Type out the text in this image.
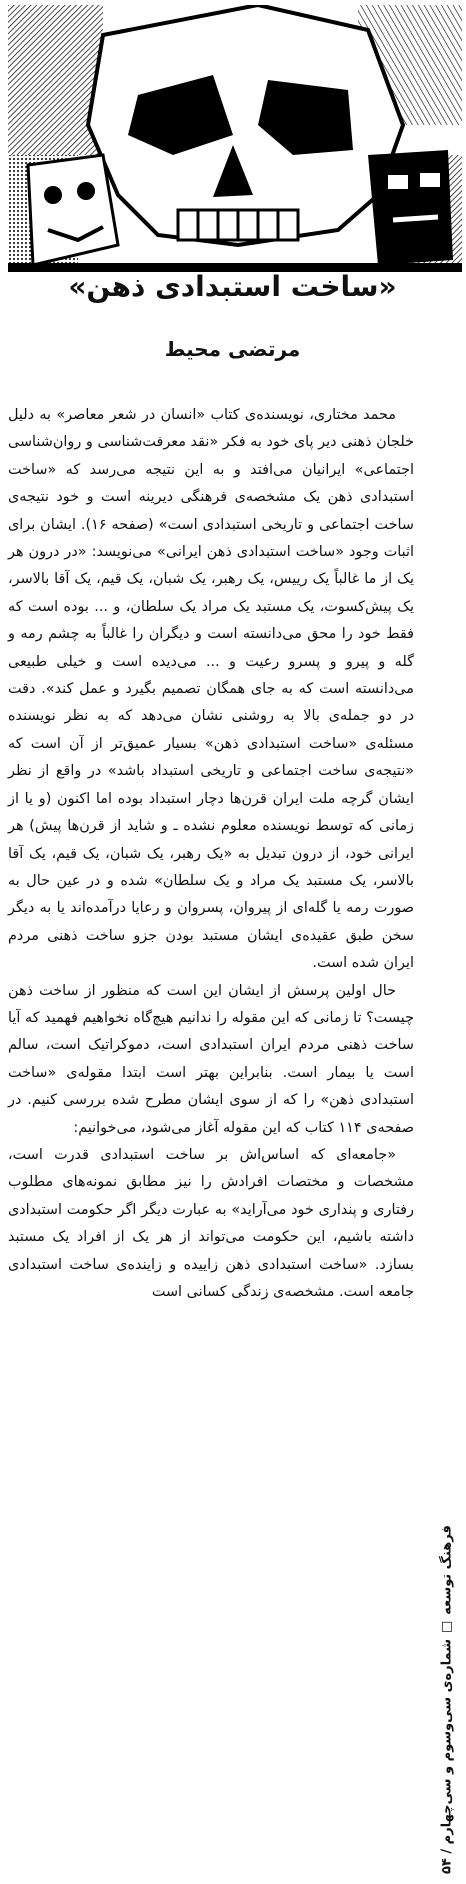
«ساخت استبدادی ذهن»
مرتضی محیط

محمد مختاری، نویسنده‌ی کتاب «انسان در شعر معاصر» به دلیل خلجان ذهنی دیر پای خود به فکر «نقد معرفت‌شناسی و روان‌شناسی اجتماعی» ایرانیان می‌افتد و به این نتیجه می‌رسد که «ساخت استبدادی ذهن یک مشخصه‌ی فرهنگی دیرینه است و خود نتیجه‌ی ساخت اجتماعی و تاریخی استبدادی است» (صفحه ۱۶). ایشان برای اثبات وجود «ساخت استبدادی ذهن ایرانی» می‌نویسد: «در درون هر یک از ما غالباً یک رییس، یک رهبر، یک شبان، یک قیم، یک آقا بالاسر، یک پیش‌کسوت، یک مستبد یک مراد یک سلطان، و ... بوده است که فقط خود را محق می‌دانسته است و دیگران را غالباً به چشم رمه و گله و پیرو و پسرو رعیت و ... می‌دیده است و خیلی طبیعی می‌دانسته است که به جای همگان تصمیم بگیرد و عمل کند». دقت در دو جمله‌ی بالا به روشنی نشان می‌دهد که به نظر نویسنده مسئله‌ی «ساخت استبدادی ذهن» بسیار عمیق‌تر از آن است که «نتیجه‌ی ساخت اجتماعی و تاریخی استبداد باشد» در واقع از نظر ایشان گرچه ملت ایران قرن‌ها دچار استبداد بوده اما اکنون (و یا از زمانی که توسط نویسنده معلوم نشده ـ و شاید از قرن‌ها پیش) هر ایرانی خود، از درون تبدیل به «یک رهبر، یک شبان، یک قیم، یک آقا بالاسر، یک مستبد یک مراد و یک سلطان» شده و در عین حال به صورت رمه یا گله‌ای از پیروان، پسروان و رعایا درآمده‌اند یا به دیگر سخن طبق عقیده‌ی ایشان مستبد بودن جزو ساخت ذهنی مردم ایران شده است.

حال اولین پرسش از ایشان این است که منظور از ساخت ذهن چیست؟ تا زمانی که این مقوله را ندانیم هیچ‌گاه نخواهیم فهمید که آیا ساخت ذهنی مردم ایران استبدادی است، دموکراتیک است، سالم است یا بیمار است. بنابراین بهتر است ابتدا مقوله‌ی «ساخت استبدادی ذهن» را که از سوی ایشان مطرح شده بررسی کنیم. در صفحه‌ی ۱۱۴ کتاب که این مقوله آغاز می‌شود، می‌خوانیم:

«جامعه‌ای که اساس‌اش بر ساخت استبدادی قدرت است، مشخصات و مختصات افراد‌ش را نیز مطابق نمونه‌های مطلوب رفتاری و پنداری خود می‌آراید» به عبارت دیگر اگر حکومت استبدادی داشته باشیم، این حکومت می‌تواند از هر یک از افراد یک مستبد بسازد. «ساخت استبدادی ذهن زاییده و زاینده‌ی ساخت استبدادی جامعه است. مشخصه‌ی زندگی کسانی است

فرهنگ توسعه □ شماره‌ی سی‌وسوم و سی‌چهارم / ۵۴
